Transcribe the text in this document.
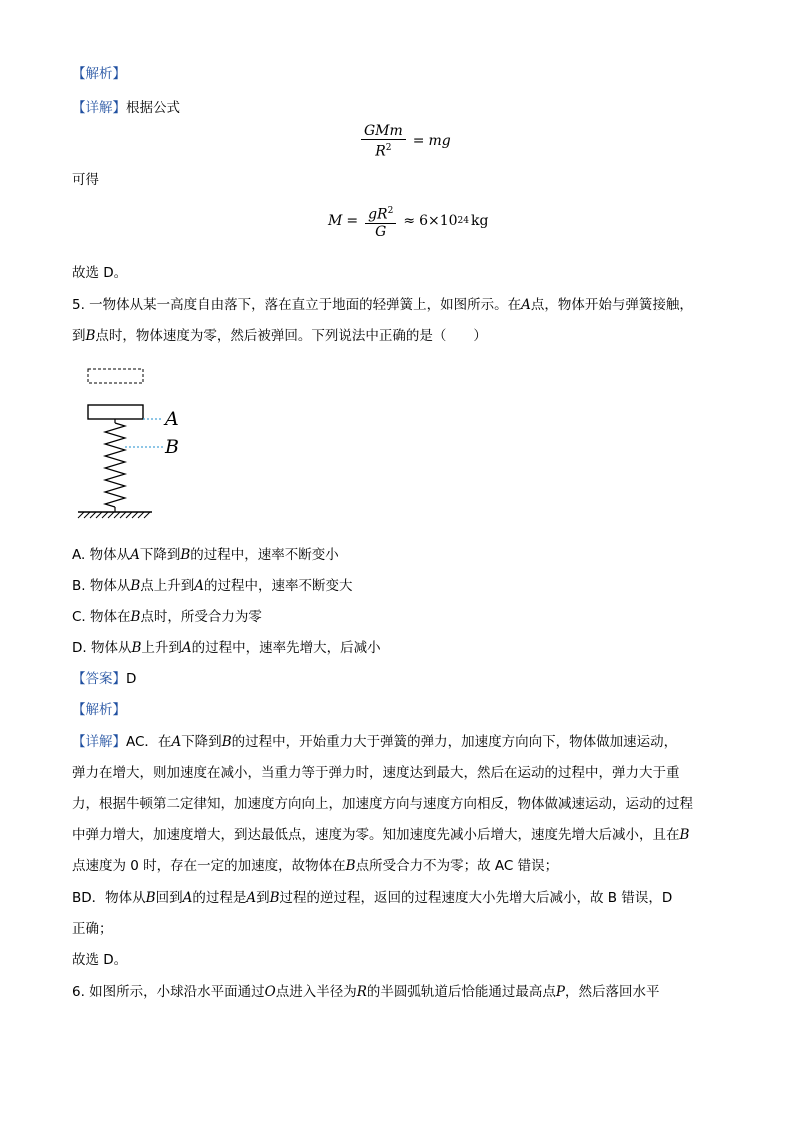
【解析】
【详解】根据公式
$\frac{\text{GMm}}{R^2}$ = mg
可得
$M = \frac{gR^2}{G} \approx 6\times 10$ 24 kg
故选 D。
5. 一物体从某一高度自由落下，落在直立于地面的轻弹簧上，如图所示。在A点，物体开始与弹簧接触，
到B点时，物体速度为零，然后被弹回。下列说法中正确的是（　　）
A
B
A. 物体从A下降到B的过程中，速率不断变小
B. 物体从B点上升到A的过程中，速率不断变大
C. 物体在B点时，所受合力为零
D. 物体从B上升到A的过程中，速率先增大，后减小
【答案】D
【解析】
【详解】AC．在A下降到B的过程中，开始重力大于弹簧的弹力，加速度方向向下，物体做加速运动，
弹力在增大，则加速度在减小，当重力等于弹力时，速度达到最大，然后在运动的过程中，弹力大于重
力，根据牛顿第二定律知，加速度方向向上，加速度方向与速度方向相反，物体做减速运动，运动的过程
中弹力增大，加速度增大，到达最低点，速度为零。知加速度先减小后增大，速度先增大后减小，且在B
点速度为 0 时，存在一定的加速度，故物体在B点所受合力不为零；故 AC 错误；
BD．物体从B回到A的过程是A到B过程的逆过程，返回的过程速度大小先增大后减小，故 B 错误，D
正确；
故选 D。
6. 如图所示，小球沿水平面通过O点进入半径为R的半圆弧轨道后恰能通过最高点P，然后落回水平
